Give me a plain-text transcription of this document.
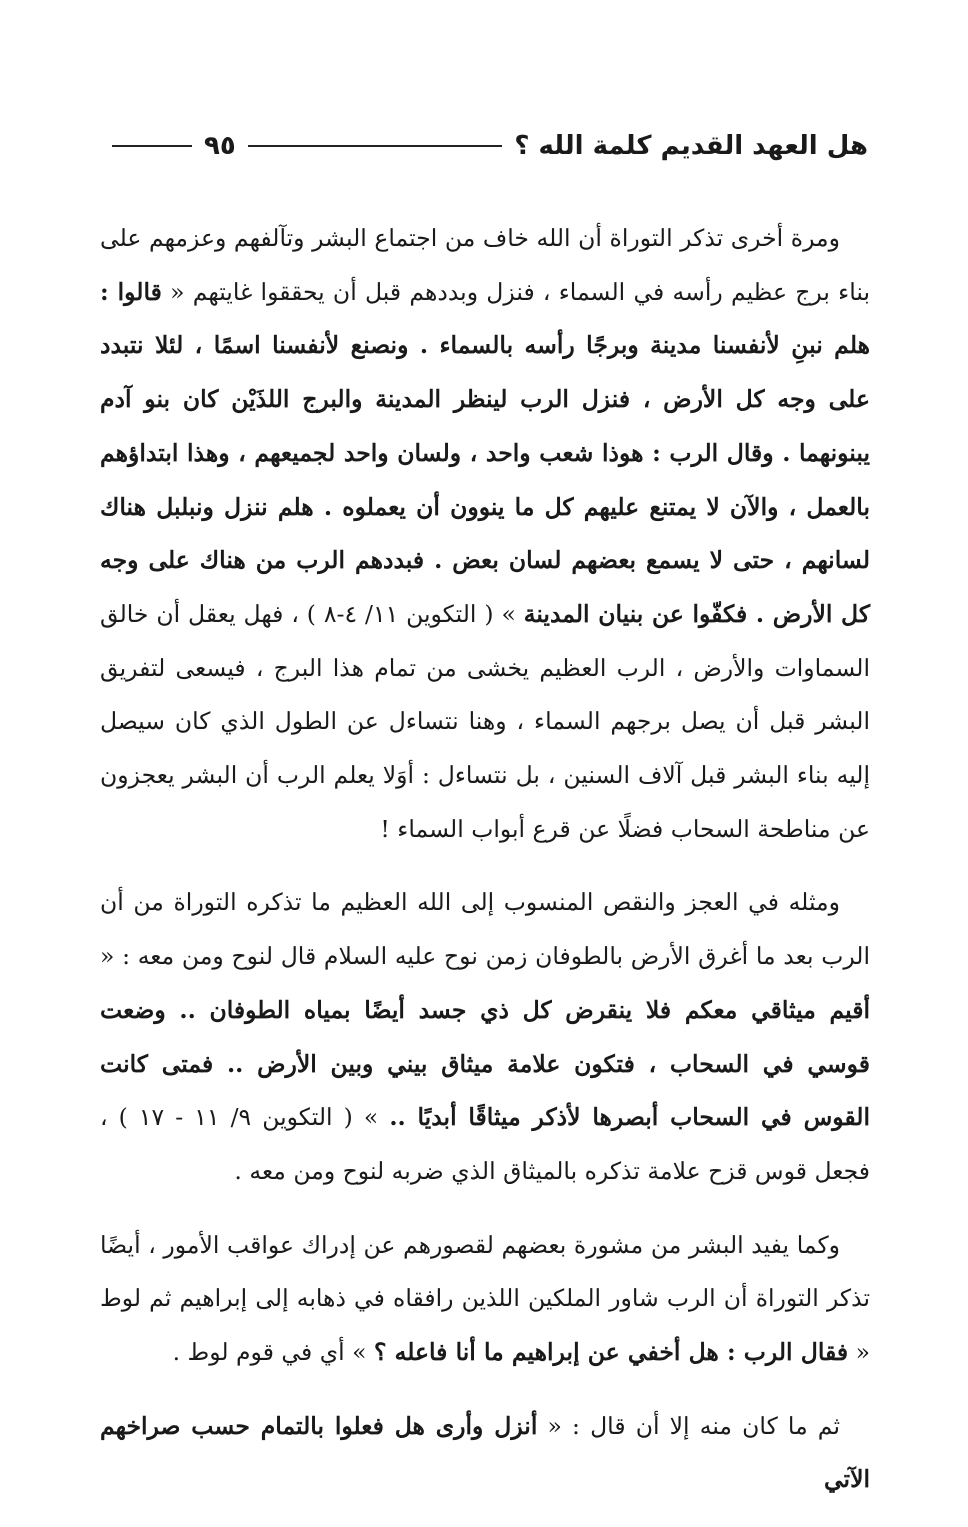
هل العهد القديم كلمة الله ؟
٩٥

ومرة أخرى تذكر التوراة أن الله خاف من اجتماع البشر وتآلفهم وعزمهم على بناء برج عظيم رأسه في السماء ، فنزل وبددهم قبل أن يحققوا غايتهم « قالوا : هلم نبنِ لأنفسنا مدينة وبرجًا رأسه بالسماء . ونصنع لأنفسنا اسمًا ، لئلا نتبدد على وجه كل الأرض ، فنزل الرب لينظر المدينة والبرج اللذَيْن كان بنو آدم يبنونهما . وقال الرب : هوذا شعب واحد ، ولسان واحد لجميعهم ، وهذا ابتداؤهم بالعمل ، والآن لا يمتنع عليهم كل ما ينوون أن يعملوه . هلم ننزل ونبلبل هناك لسانهم ، حتى لا يسمع بعضهم لسان بعض . فبددهم الرب من هناك على وجه كل الأرض . فكفّوا عن بنيان المدينة » ( التكوين ١١/ ٤-٨ ) ، فهل يعقل أن خالق السماوات والأرض ، الرب العظيم يخشى من تمام هذا البرج ، فيسعى لتفريق البشر قبل أن يصل برجهم السماء ، وهنا نتساءل عن الطول الذي كان سيصل إليه بناء البشر قبل آلاف السنين ، بل نتساءل : أوَلا يعلم الرب أن البشر يعجزون عن مناطحة السحاب فضلًا عن قرع أبواب السماء !

ومثله في العجز والنقص المنسوب إلى الله العظيم ما تذكره التوراة من أن الرب بعد ما أغرق الأرض بالطوفان زمن نوح عليه السلام قال لنوح ومن معه : « أقيم ميثاقي معكم فلا ينقرض كل ذي جسد أيضًا بمياه الطوفان .. وضعت قوسي في السحاب ، فتكون علامة ميثاق بيني وبين الأرض .. فمتى كانت القوس في السحاب أبصرها لأذكر ميثاقًا أبديًا .. » ( التكوين ٩/ ١١ - ١٧ ) ، فجعل قوس قزح علامة تذكره بالميثاق الذي ضربه لنوح ومن معه .

وكما يفيد البشر من مشورة بعضهم لقصورهم عن إدراك عواقب الأمور ، أيضًا تذكر التوراة أن الرب شاور الملكين اللذين رافقاه في ذهابه إلى إبراهيم ثم لوط « فقال الرب : هل أخفي عن إبراهيم ما أنا فاعله ؟ » أي في قوم لوط .

ثم ما كان منه إلا أن قال : « أنزل وأرى هل فعلوا بالتمام حسب صراخهم الآتي
